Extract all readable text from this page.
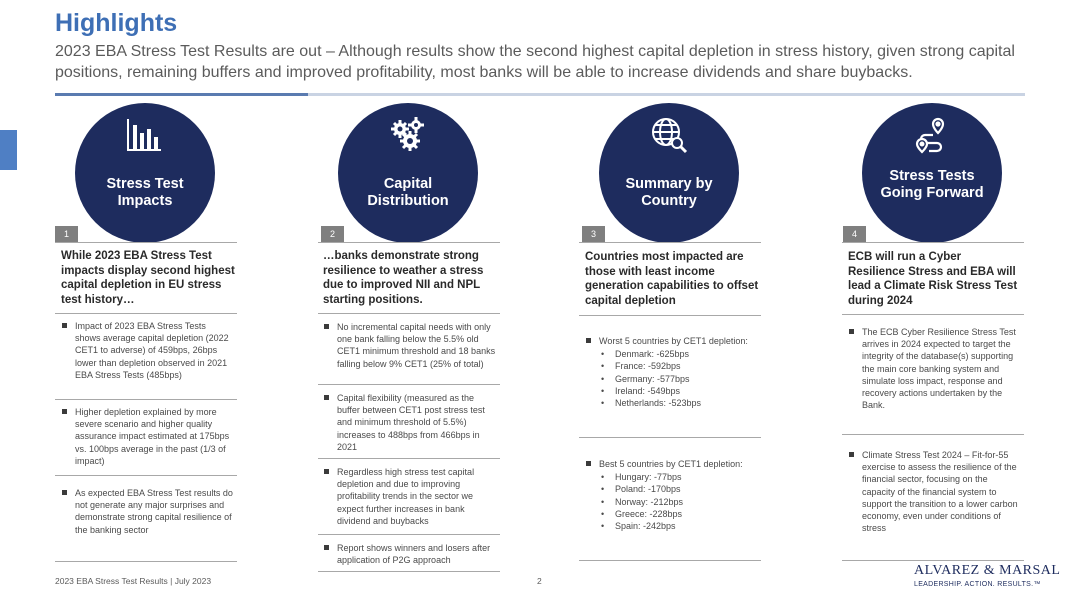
Highlights
2023 EBA Stress Test Results are out – Although results show the second highest capital depletion in stress history, given strong capital positions, remaining buffers and improved profitability, most banks will be able to increase dividends and share buybacks.
Stress Test Impacts
1
While 2023 EBA Stress Test impacts display second highest capital depletion in EU stress test history…
Impact of 2023 EBA Stress Tests shows average capital depletion (2022 CET1 to adverse) of 459bps, 26bps lower than depletion observed in 2021 EBA Stress Tests (485bps)
Higher depletion explained by more severe scenario and higher quality assurance impact estimated at 175bps vs. 100bps average in the past (1/3 of impact)
As expected EBA Stress Test results do not generate any major surprises and demonstrate strong capital resilience of the banking sector
Capital Distribution
2
…banks demonstrate strong resilience to weather a stress due to improved NII and NPL starting positions.
No incremental capital needs with only one bank falling below the 5.5% old CET1 minimum threshold and 18 banks falling below 9% CET1 (25% of total)
Capital flexibility (measured as the buffer between CET1 post stress test and minimum threshold of 5.5%) increases to 488bps from 466bps in 2021
Regardless high stress test capital depletion and due to improving profitability trends in the sector we expect further increases in bank dividend and buybacks
Report shows winners and losers after application of P2G approach
Summary by Country
3
Countries most impacted are those with least income generation capabilities to offset capital depletion
Worst 5 countries by CET1 depletion:
• Denmark: -625bps
• France: -592bps
• Germany: -577bps
• Ireland: -549bps
• Netherlands: -523bps
Best 5 countries by CET1 depletion:
• Hungary: -77bps
• Poland: -170bps
• Norway: -212bps
• Greece: -228bps
• Spain: -242bps
Stress Tests Going Forward
4
ECB will run a Cyber Resilience Stress and EBA will lead a Climate Risk Stress Test during 2024
The ECB Cyber Resilience Stress Test arrives in 2024 expected to target the integrity of the database(s) supporting the main core banking system and simulate loss impact, response and recovery actions undertaken by the Bank.
Climate Stress Test 2024 – Fit-for-55 exercise to assess the resilience of the financial sector, focusing on the capacity of the financial system to support the transition to a lower carbon economy, even under conditions of stress
2023 EBA Stress Test Results | July 2023	2
ALVAREZ & MARSAL
LEADERSHIP. ACTION. RESULTS.™
